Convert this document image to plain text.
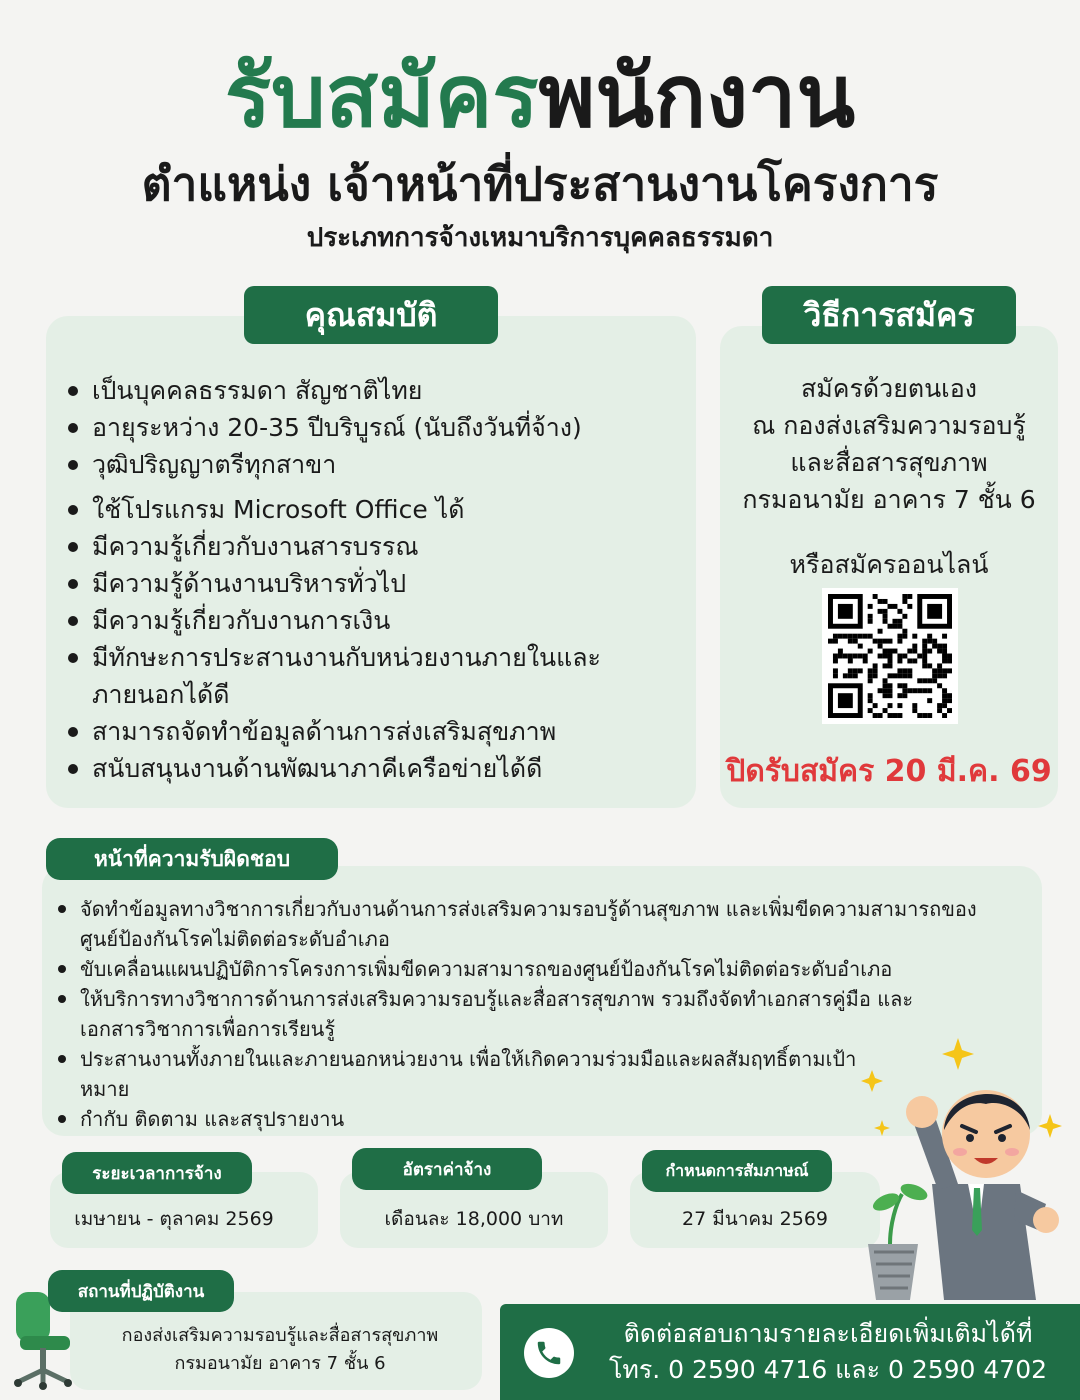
รับสมัครพนักงาน
ตำแหน่ง เจ้าหน้าที่ประสานงานโครงการ
ประเภทการจ้างเหมาบริการบุคคลธรรมดา
คุณสมบัติ
เป็นบุคคลธรรมดา สัญชาติไทย
อายุระหว่าง 20-35 ปีบริบูรณ์ (นับถึงวันที่จ้าง)
วุฒิปริญญาตรีทุกสาขา
ใช้โปรแกรม Microsoft Office ได้
มีความรู้เกี่ยวกับงานสารบรรณ
มีความรู้ด้านงานบริหารทั่วไป
มีความรู้เกี่ยวกับงานการเงิน
มีทักษะการประสานงานกับหน่วยงานภายในและภายนอกได้ดี
สามารถจัดทำข้อมูลด้านการส่งเสริมสุขภาพ
สนับสนุนงานด้านพัฒนาภาคีเครือข่ายได้ดี
วิธีการสมัคร
สมัครด้วยตนเอง
ณ กองส่งเสริมความรอบรู้
และสื่อสารสุขภาพ
กรมอนามัย อาคาร 7 ชั้น 6
หรือสมัครออนไลน์
ปิดรับสมัคร 20 มี.ค. 69
หน้าที่ความรับผิดชอบ
จัดทำข้อมูลทางวิชาการเกี่ยวกับงานด้านการส่งเสริมความรอบรู้ด้านสุขภาพ และเพิ่มขีดความสามารถของศูนย์ป้องกันโรคไม่ติดต่อระดับอำเภอ
ขับเคลื่อนแผนปฏิบัติการโครงการเพิ่มขีดความสามารถของศูนย์ป้องกันโรคไม่ติดต่อระดับอำเภอ
ให้บริการทางวิชาการด้านการส่งเสริมความรอบรู้และสื่อสารสุขภาพ รวมถึงจัดทำเอกสารคู่มือ และเอกสารวิชาการเพื่อการเรียนรู้
ประสานงานทั้งภายในและภายนอกหน่วยงาน เพื่อให้เกิดความร่วมมือและผลสัมฤทธิ์ตามเป้าหมาย
กำกับ ติดตาม และสรุปรายงาน
ระยะเวลาการจ้าง
เมษายน - ตุลาคม 2569
อัตราค่าจ้าง
เดือนละ 18,000 บาท
กำหนดการสัมภาษณ์
27 มีนาคม 2569
สถานที่ปฏิบัติงาน
กองส่งเสริมความรอบรู้และสื่อสารสุขภาพ
กรมอนามัย อาคาร 7 ชั้น 6
ติดต่อสอบถามรายละเอียดเพิ่มเติมได้ที่
โทร. 0 2590 4716 และ 0 2590 4702
